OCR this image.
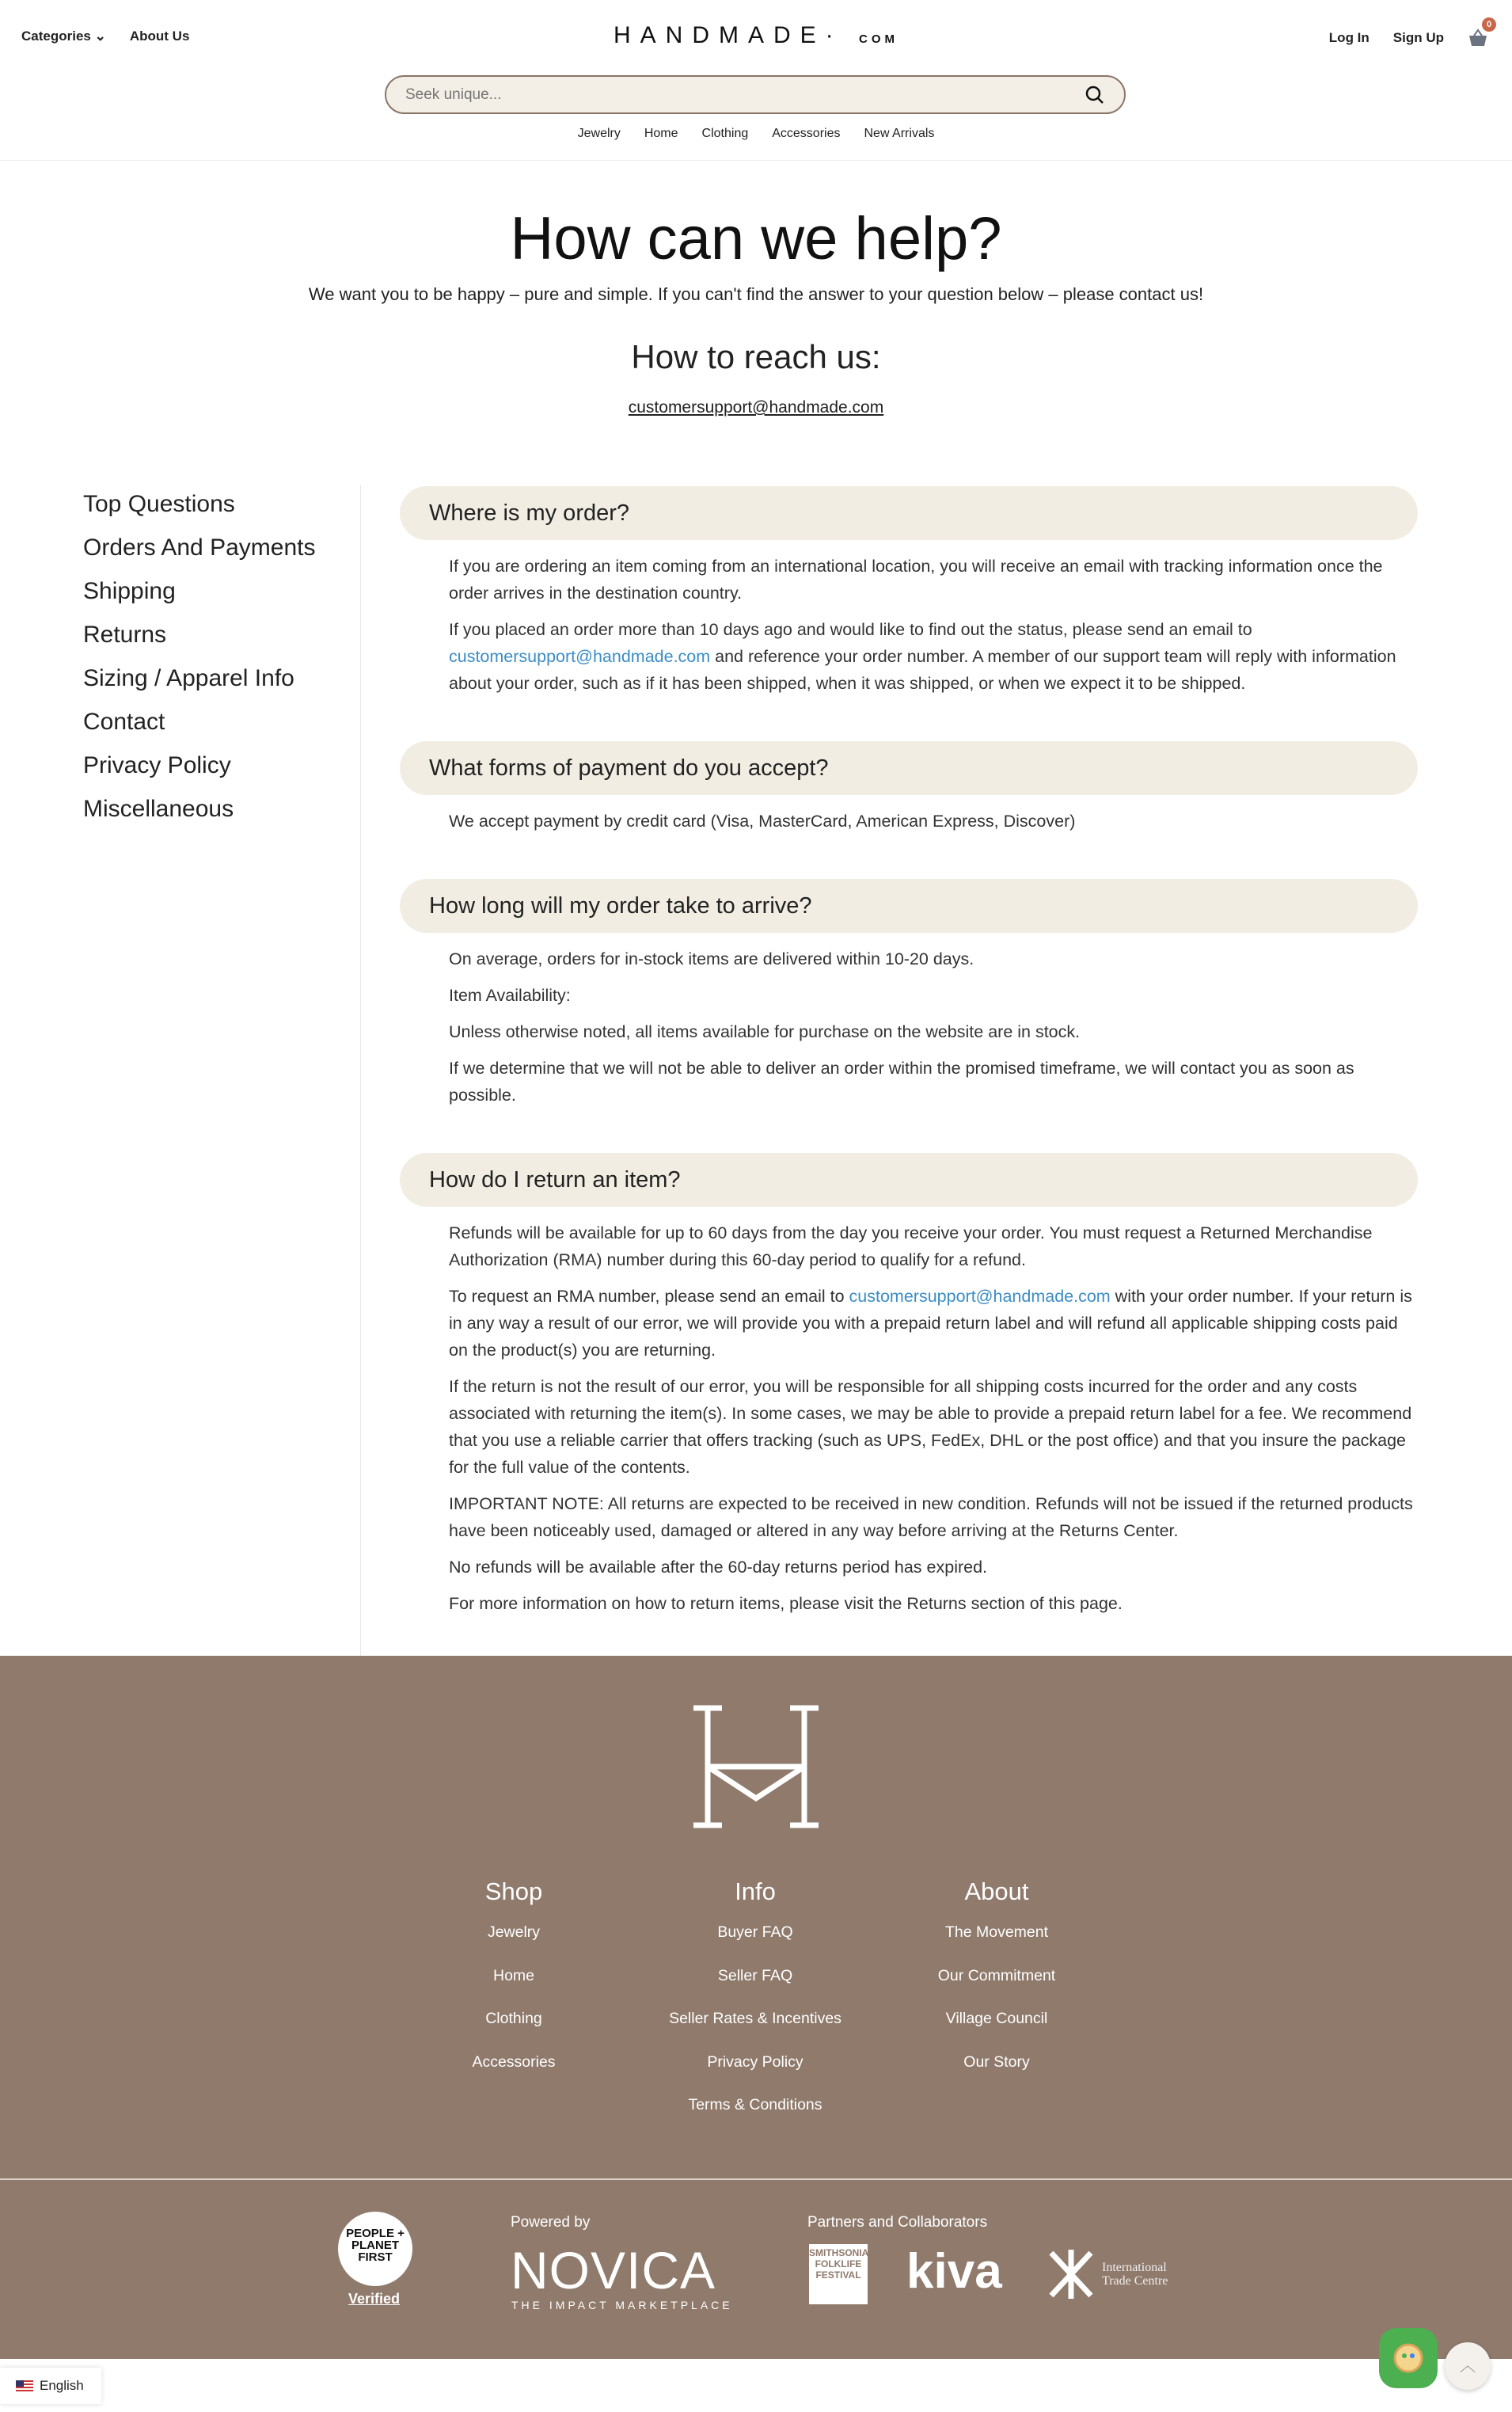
Categories ⌄ About Us	HANDMADE· COM	Log In Sign Up
0
Seek unique...
Jewelry Home Clothing Accessories New Arrivals
How can we help?

We want you to be happy – pure and simple. If you can't find the answer to your question below – please contact us!

How to reach us:
customersupport@handmade.com
Top Questions
Orders And Payments
Shipping
Returns
Sizing / Apparel Info
Contact
Privacy Policy
Miscellaneous
Where is my order?

If you are ordering an item coming from an international location, you will receive an email with tracking information once the order arrives in the destination country.

If you placed an order more than 10 days ago and would like to find out the status, please send an email to customersupport@handmade.com and reference your order number. A member of our support team will reply with information about your order, such as if it has been shipped, when it was shipped, or when we expect it to be shipped.

What forms of payment do you accept?

We accept payment by credit card (Visa, MasterCard, American Express, Discover)

How long will my order take to arrive?

On average, orders for in-stock items are delivered within 10-20 days.

Item Availability:

Unless otherwise noted, all items available for purchase on the website are in stock.

If we determine that we will not be able to deliver an order within the promised timeframe, we will contact you as soon as possible.

How do I return an item?

Refunds will be available for up to 60 days from the day you receive your order. You must request a Returned Merchandise Authorization (RMA) number during this 60-day period to qualify for a refund.

To request an RMA number, please send an email to customersupport@handmade.com with your order number. If your return is in any way a result of our error, we will provide you with a prepaid return label and will refund all applicable shipping costs paid on the product(s) you are returning.

If the return is not the result of our error, you will be responsible for all shipping costs incurred for the order and any costs associated with returning the item(s). In some cases, we may be able to provide a prepaid return label for a fee. We recommend that you use a reliable carrier that offers tracking (such as UPS, FedEx, DHL or the post office) and that you insure the package for the full value of the contents.

IMPORTANT NOTE: All returns are expected to be received in new condition. Refunds will not be issued if the returned products have been noticeably used, damaged or altered in any way before arriving at the Returns Center.

No refunds will be available after the 60-day returns period has expired.

For more information on how to return items, please visit the Returns section of this page.

Shop
Jewelry
Home
Clothing
Accessories
Info
Buyer FAQ
Seller FAQ
Seller Rates & Incentives
Privacy Policy
Terms & Conditions
About
The Movement
Our Commitment
Village Council
Our Story
PEOPLE + PLANET FIRST
Verified
Powered by
NOVICA
THE IMPACT MARKETPLACE
Partners and Collaborators
SMITHSONIAN FOLKLIFE FESTIVAL kiva	International Trade Centre
English
︿
